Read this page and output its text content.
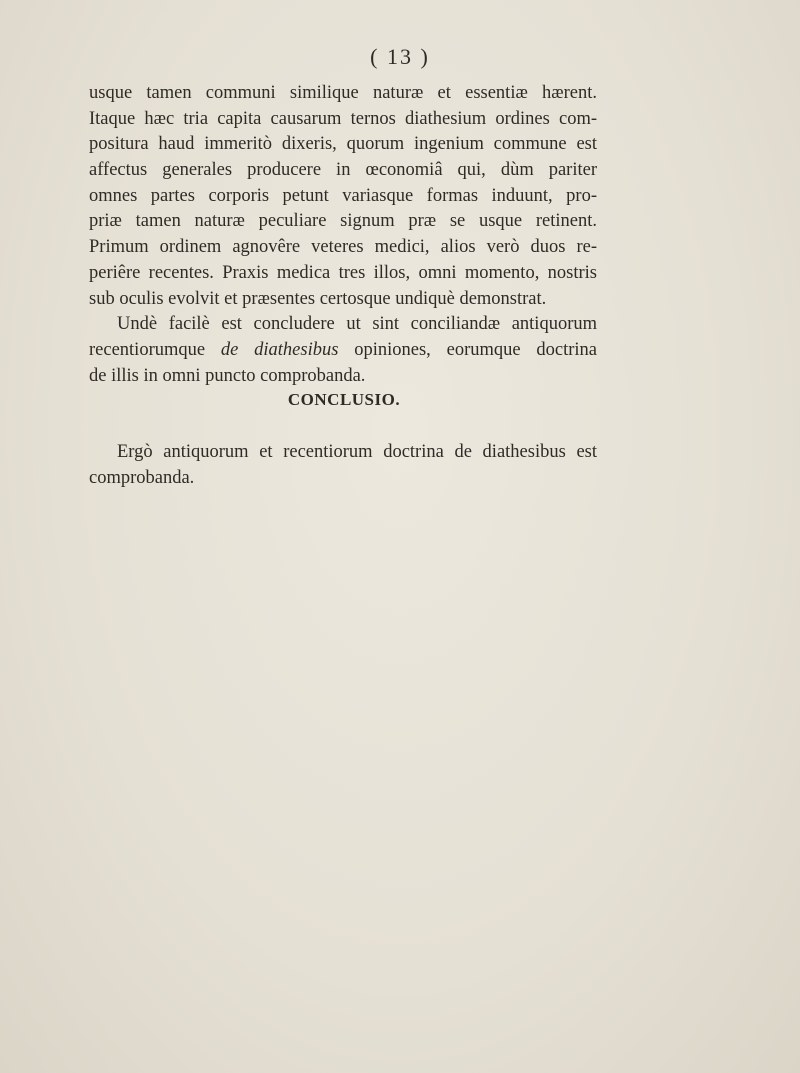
( 13 )
usque tamen communi similique naturæ et essentiæ hærent.
Itaque hæc tria capita causarum ternos diathesium ordines com-
positura haud immeritò dixeris, quorum ingenium commune est
affectus generales producere in œconomiâ qui, dùm pariter
omnes partes corporis petunt variasque formas induunt, pro-
priæ tamen naturæ peculiare signum præ se usque retinent.
Primum ordinem agnovêre veteres medici, alios verò duos re-
periêre recentes. Praxis medica tres illos, omni momento, nostris
sub oculis evolvit et præsentes certosque undiquè demonstrat.
Undè facilè est concludere ut sint conciliandæ antiquorum
recentiorumque de diathesibus opiniones, eorumque doctrina
de illis in omni puncto comprobanda.
CONCLUSIO.
Ergò antiquorum et recentiorum doctrina de diathesibus est
comprobanda.
